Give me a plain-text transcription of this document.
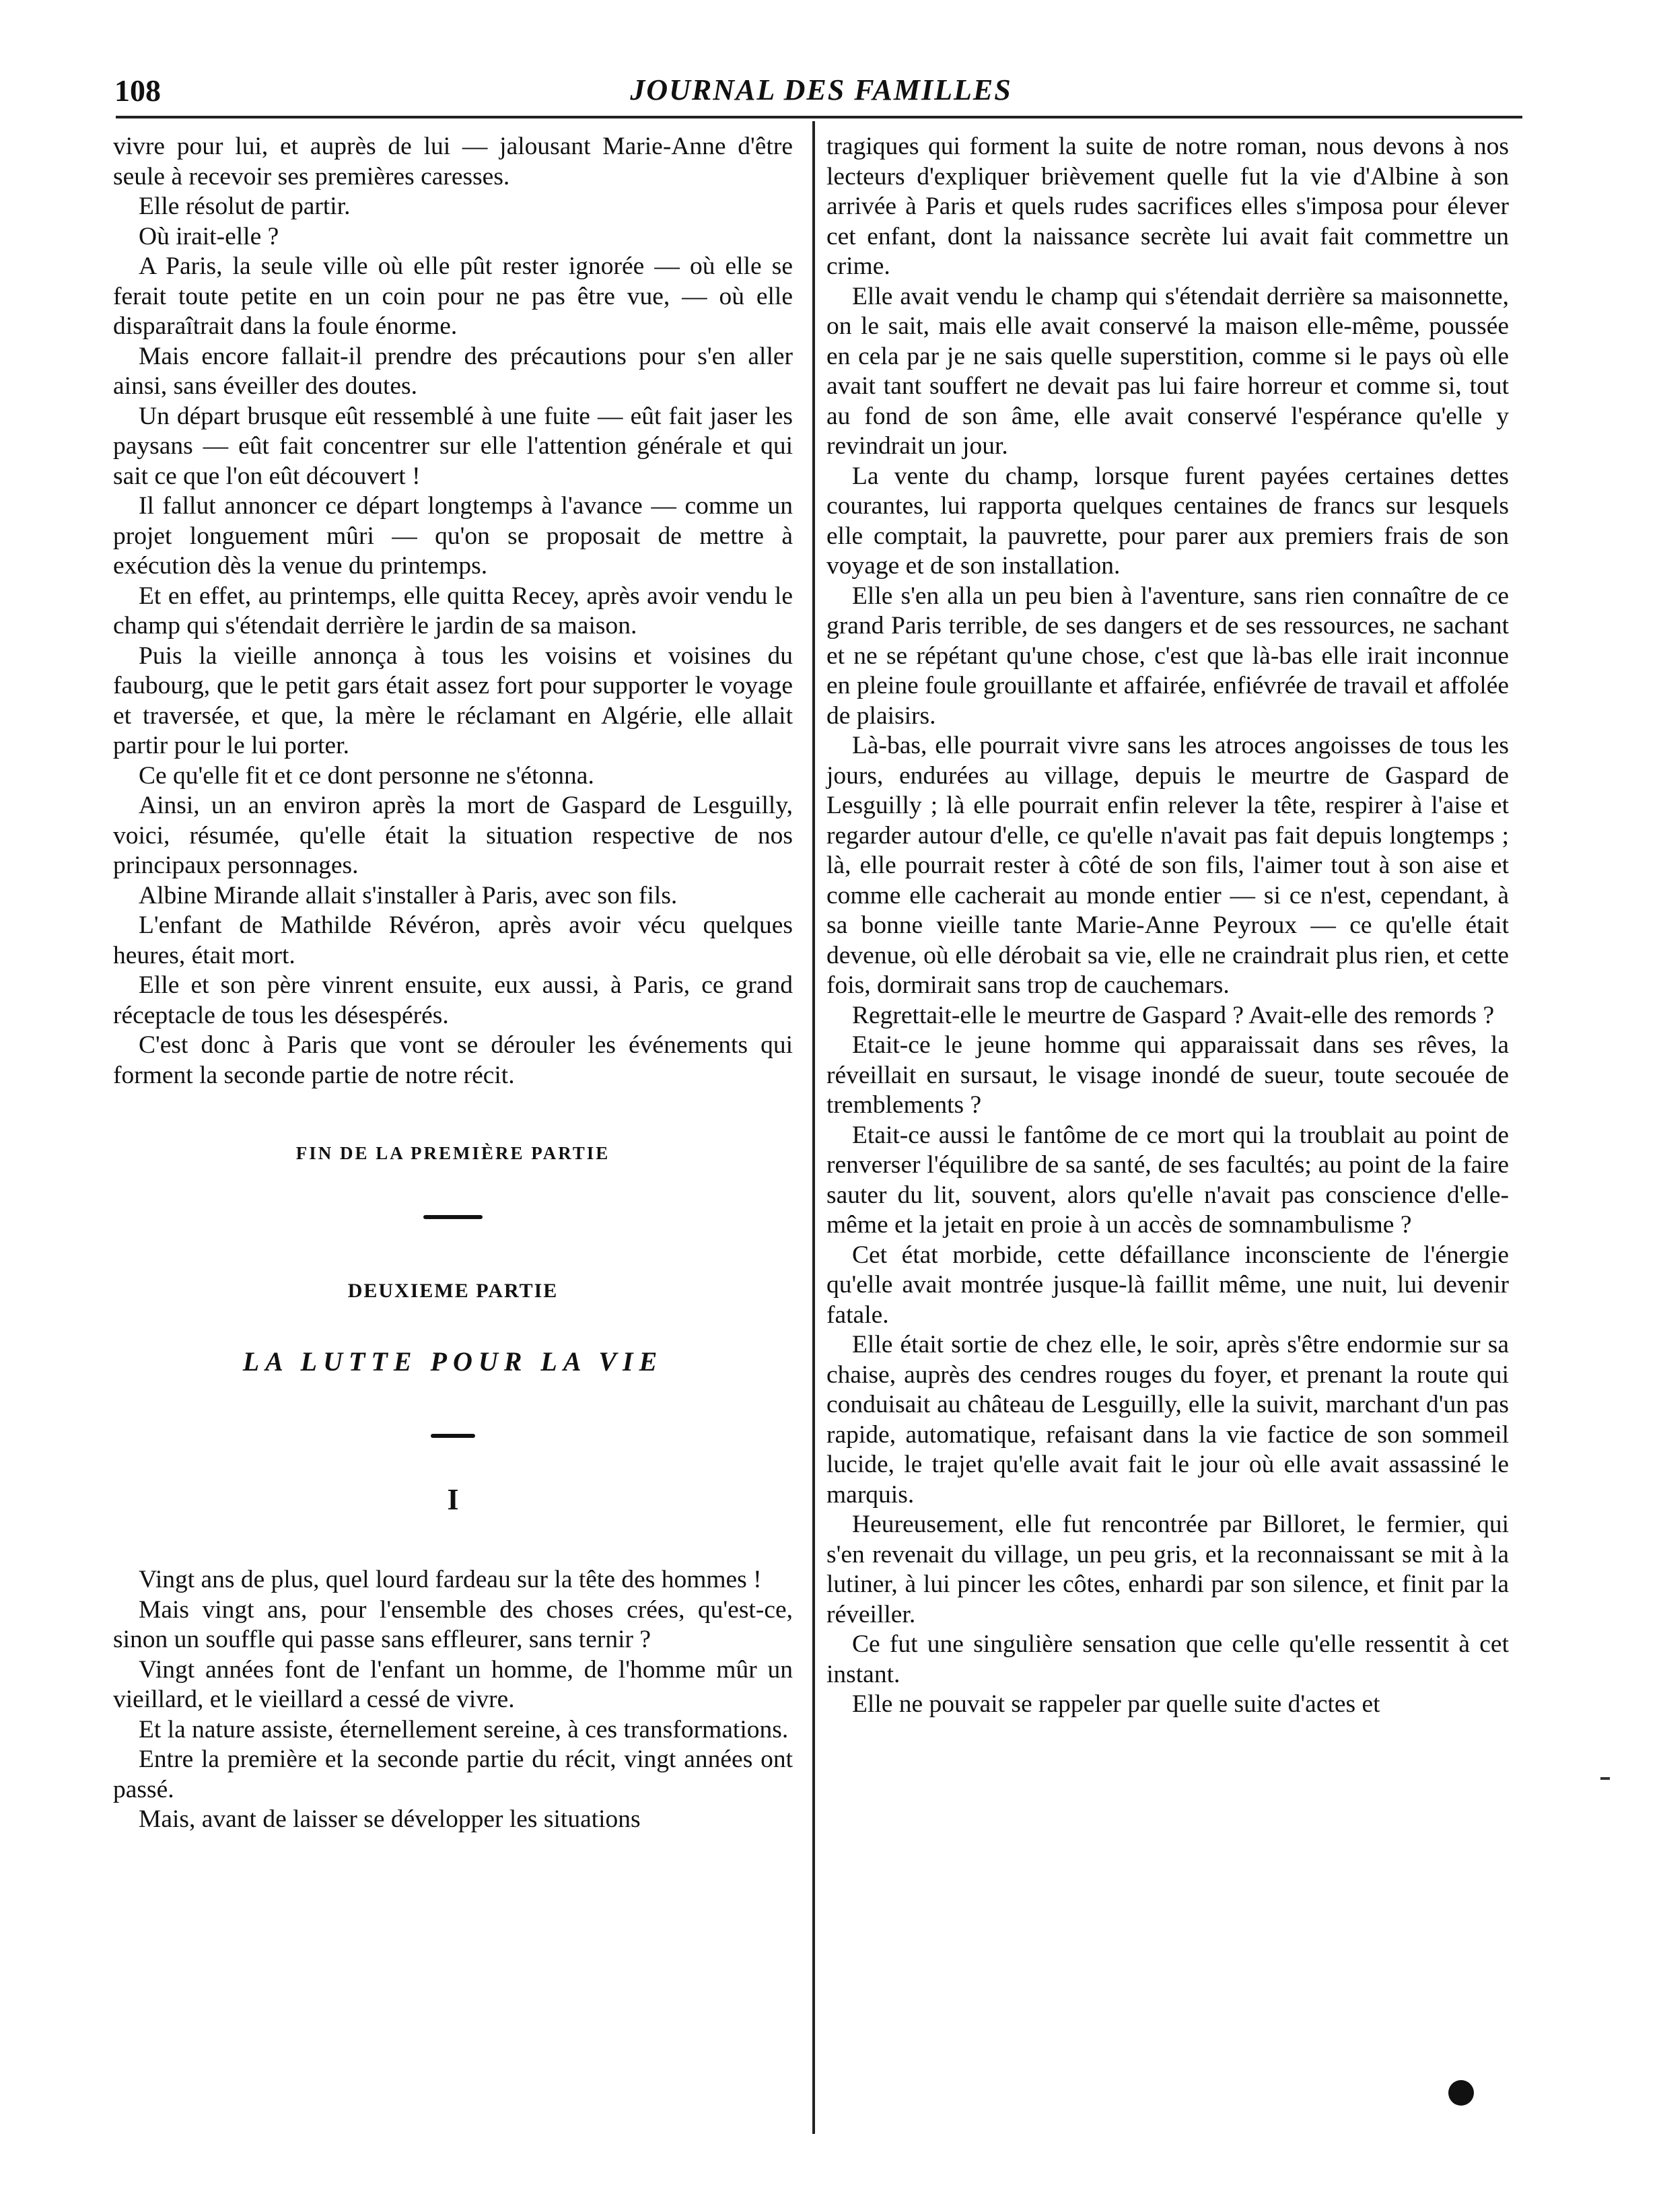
108	JOURNAL DES FAMILLES

vivre pour lui, et auprès de lui — jalousant Marie-Anne d'être seule à recevoir ses premières caresses.

Elle résolut de partir.

Où irait-elle ?

A Paris, la seule ville où elle pût rester ignorée — où elle se ferait toute petite en un coin pour ne pas être vue, — où elle disparaîtrait dans la foule énorme.

Mais encore fallait-il prendre des précautions pour s'en aller ainsi, sans éveiller des doutes.

Un départ brusque eût ressemblé à une fuite — eût fait jaser les paysans — eût fait concentrer sur elle l'attention générale et qui sait ce que l'on eût découvert !

Il fallut annoncer ce départ longtemps à l'avance — comme un projet longuement mûri — qu'on se proposait de mettre à exécution dès la venue du printemps.

Et en effet, au printemps, elle quitta Recey, après avoir vendu le champ qui s'étendait derrière le jardin de sa maison.

Puis la vieille annonça à tous les voisins et voisines du faubourg, que le petit gars était assez fort pour supporter le voyage et traversée, et que, la mère le réclamant en Algérie, elle allait partir pour le lui porter.

Ce qu'elle fit et ce dont personne ne s'étonna.

Ainsi, un an environ après la mort de Gaspard de Lesguilly, voici, résumée, qu'elle était la situation respective de nos principaux personnages.

Albine Mirande allait s'installer à Paris, avec son fils.

L'enfant de Mathilde Révéron, après avoir vécu quelques heures, était mort.

Elle et son père vinrent ensuite, eux aussi, à Paris, ce grand réceptacle de tous les désespérés.

C'est donc à Paris que vont se dérouler les événements qui forment la seconde partie de notre récit.

FIN DE LA PREMIÈRE PARTIE

DEUXIEME PARTIE

LA LUTTE POUR LA VIE

I

Vingt ans de plus, quel lourd fardeau sur la tête des hommes !

Mais vingt ans, pour l'ensemble des choses crées, qu'est-ce, sinon un souffle qui passe sans effleurer, sans ternir ?

Vingt années font de l'enfant un homme, de l'homme mûr un vieillard, et le vieillard a cessé de vivre.

Et la nature assiste, éternellement sereine, à ces transformations.

Entre la première et la seconde partie du récit, vingt années ont passé.

Mais, avant de laisser se développer les situations

tragiques qui forment la suite de notre roman, nous devons à nos lecteurs d'expliquer brièvement quelle fut la vie d'Albine à son arrivée à Paris et quels rudes sacrifices elles s'imposa pour élever cet enfant, dont la naissance secrète lui avait fait commettre un crime.

Elle avait vendu le champ qui s'étendait derrière sa maisonnette, on le sait, mais elle avait conservé la maison elle-même, poussée en cela par je ne sais quelle superstition, comme si le pays où elle avait tant souffert ne devait pas lui faire horreur et comme si, tout au fond de son âme, elle avait conservé l'espérance qu'elle y revindrait un jour.

La vente du champ, lorsque furent payées certaines dettes courantes, lui rapporta quelques centaines de francs sur lesquels elle comptait, la pauvrette, pour parer aux premiers frais de son voyage et de son installation.

Elle s'en alla un peu bien à l'aventure, sans rien connaître de ce grand Paris terrible, de ses dangers et de ses ressources, ne sachant et ne se répétant qu'une chose, c'est que là-bas elle irait inconnue en pleine foule grouillante et affairée, enfiévrée de travail et affolée de plaisirs.

Là-bas, elle pourrait vivre sans les atroces angoisses de tous les jours, endurées au village, depuis le meurtre de Gaspard de Lesguilly ; là elle pourrait enfin relever la tête, respirer à l'aise et regarder autour d'elle, ce qu'elle n'avait pas fait depuis longtemps ; là, elle pourrait rester à côté de son fils, l'aimer tout à son aise et comme elle cacherait au monde entier — si ce n'est, cependant, à sa bonne vieille tante Marie-Anne Peyroux — ce qu'elle était devenue, où elle dérobait sa vie, elle ne craindrait plus rien, et cette fois, dormirait sans trop de cauchemars.

Regrettait-elle le meurtre de Gaspard ? Avait-elle des remords ?

Etait-ce le jeune homme qui apparaissait dans ses rêves, la réveillait en sursaut, le visage inondé de sueur, toute secouée de tremblements ?

Etait-ce aussi le fantôme de ce mort qui la troublait au point de renverser l'équilibre de sa santé, de ses facultés; au point de la faire sauter du lit, souvent, alors qu'elle n'avait pas conscience d'elle-même et la jetait en proie à un accès de somnambulisme ?

Cet état morbide, cette défaillance inconsciente de l'énergie qu'elle avait montrée jusque-là faillit même, une nuit, lui devenir fatale.

Elle était sortie de chez elle, le soir, après s'être endormie sur sa chaise, auprès des cendres rouges du foyer, et prenant la route qui conduisait au château de Lesguilly, elle la suivit, marchant d'un pas rapide, automatique, refaisant dans la vie factice de son sommeil lucide, le trajet qu'elle avait fait le jour où elle avait assassiné le marquis.

Heureusement, elle fut rencontrée par Billoret, le fermier, qui s'en revenait du village, un peu gris, et la reconnaissant se mit à la lutiner, à lui pincer les côtes, enhardi par son silence, et finit par la réveiller.

Ce fut une singulière sensation que celle qu'elle ressentit à cet instant.

Elle ne pouvait se rappeler par quelle suite d'actes et
